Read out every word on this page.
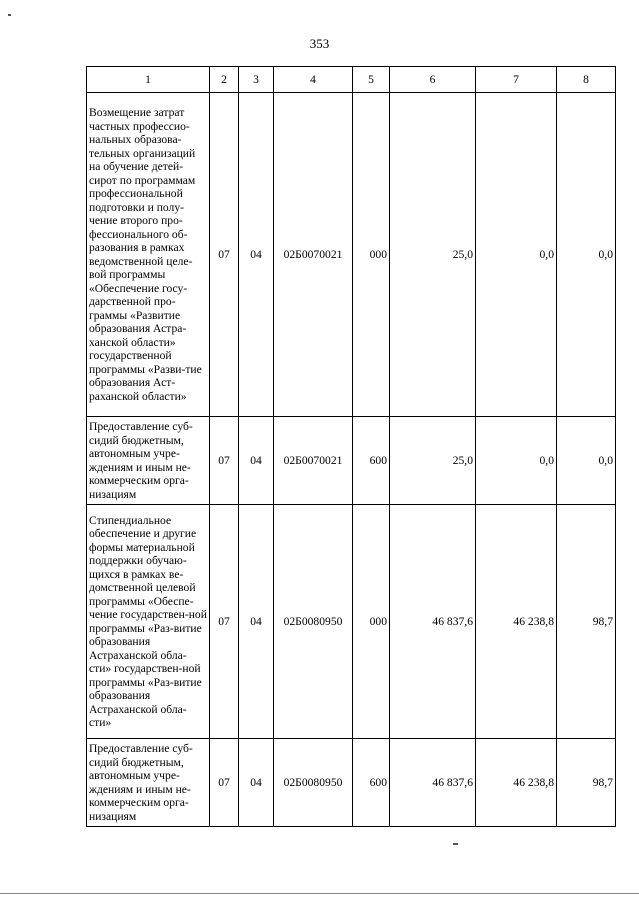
353
1	2	3	4	5	6	7	8
Возмещение затрат частных профессио-нальных образова-тельных организаций на обучение детей-сирот по программам профессиональной подготовки и полу-чение второго про-фессионального об-разования в рамках ведомственной целе-вой программы «Обеспечение госу-дарственной про-граммы «Развитие образования Астра-ханской области» государственной программы «Разви-тие образования Аст-раханской области»	07	04	02Б0070021	000	25,0	0,0	0,0
Предоставление суб-сидий бюджетным, автономным учре-ждениям и иным не-коммерческим орга-низациям	07	04	02Б0070021	600	25,0	0,0	0,0
Стипендиальное обеспечение и другие формы материальной поддержки обучаю-щихся в рамках ве-домственной целевой программы «Обеспе-чение государствен-ной программы «Раз-витие образования Астраханской обла-сти» государствен-ной программы «Раз-витие образования Астраханской обла-сти»	07	04	02Б0080950	000	46 837,6	46 238,8	98,7
Предоставление суб-сидий бюджетным, автономным учре-ждениям и иным не-коммерческим орга-низациям	07	04	02Б0080950	600	46 837,6	46 238,8	98,7
